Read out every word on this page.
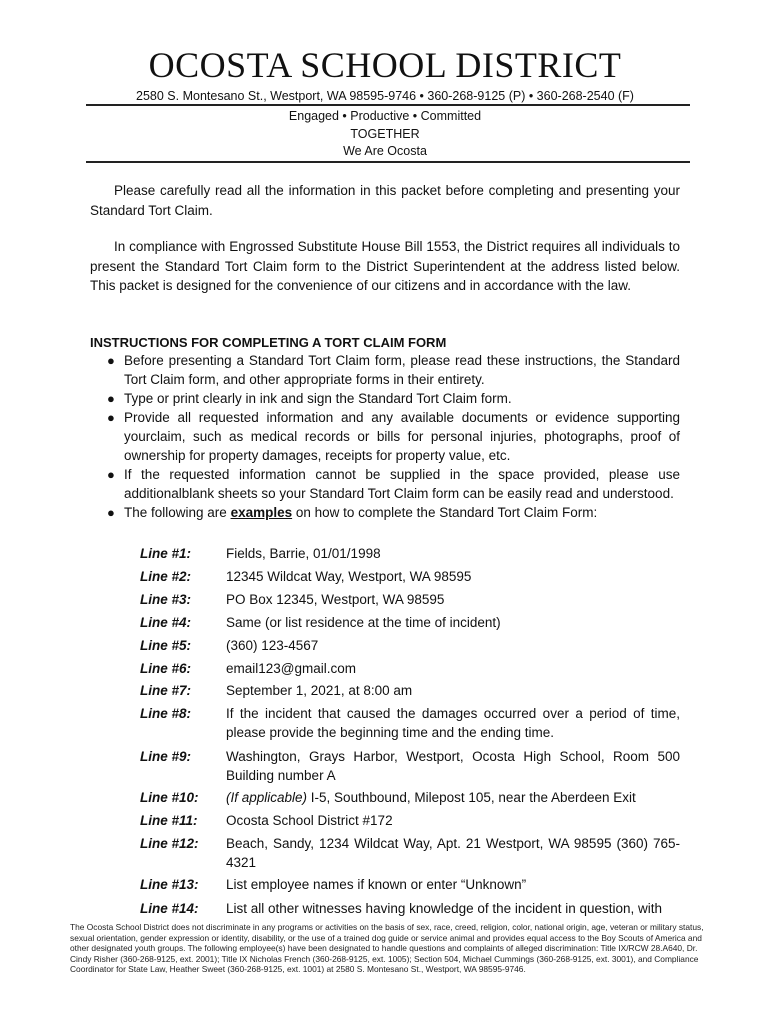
OCOSTA SCHOOL DISTRICT
2580 S. Montesano St., Westport, WA 98595-9746 • 360-268-9125 (P) • 360-268-2540 (F)
Engaged • Productive • Committed
TOGETHER
We Are Ocosta

Please carefully read all the information in this packet before completing and presenting your Standard Tort Claim.

In compliance with Engrossed Substitute House Bill 1553, the District requires all individuals to present the Standard Tort Claim form to the District Superintendent at the address listed below. This packet is designed for the convenience of our citizens and in accordance with the law.

INSTRUCTIONS FOR COMPLETING A TORT CLAIM FORM
● Before presenting a Standard Tort Claim form, please read these instructions, the Standard Tort Claim form, and other appropriate forms in their entirety.
● Type or print clearly in ink and sign the Standard Tort Claim form.
● Provide all requested information and any available documents or evidence supporting yourclaim, such as medical records or bills for personal injuries, photographs, proof of ownership for property damages, receipts for property value, etc.
● If the requested information cannot be supplied in the space provided, please use additionalblank sheets so your Standard Tort Claim form can be easily read and understood.
● The following are examples on how to complete the Standard Tort Claim Form:
Line #1:	Fields, Barrie, 01/01/1998
Line #2:	12345 Wildcat Way, Westport, WA 98595
Line #3:	PO Box 12345, Westport, WA 98595
Line #4:	Same (or list residence at the time of incident)
Line #5:	(360) 123-4567
Line #6:	email123@gmail.com
Line #7:	September 1, 2021, at 8:00 am
Line #8:	If the incident that caused the damages occurred over a period of time, please provide the beginning time and the ending time.
Line #9:	Washington, Grays Harbor, Westport, Ocosta High School, Room 500 Building number A
Line #10:	(If applicable) I-5, Southbound, Milepost 105, near the Aberdeen Exit
Line #11:	Ocosta School District #172
Line #12:	Beach, Sandy, 1234 Wildcat Way, Apt. 21 Westport, WA 98595 (360) 765-4321
Line #13:	List employee names if known or enter “Unknown”
Line #14:	List all other witnesses having knowledge of the incident in question, with
The Ocosta School District does not discriminate in any programs or activities on the basis of sex, race, creed, religion, color, national origin, age, veteran or military status, sexual orientation, gender expression or identity, disability, or the use of a trained dog guide or service animal and provides equal access to the Boy Scouts of America and other designated youth groups. The following employee(s) have been designated to handle questions and complaints of alleged discrimination: Title IX/RCW 28.A640, Dr. Cindy Risher (360-268-9125, ext. 2001); Title IX Nicholas French (360-268-9125, ext. 1005); Section 504, Michael Cummings (360-268-9125, ext. 3001), and Compliance Coordinator for State Law, Heather Sweet (360-268-9125, ext. 1001) at 2580 S. Montesano St., Westport, WA 98595-9746.
